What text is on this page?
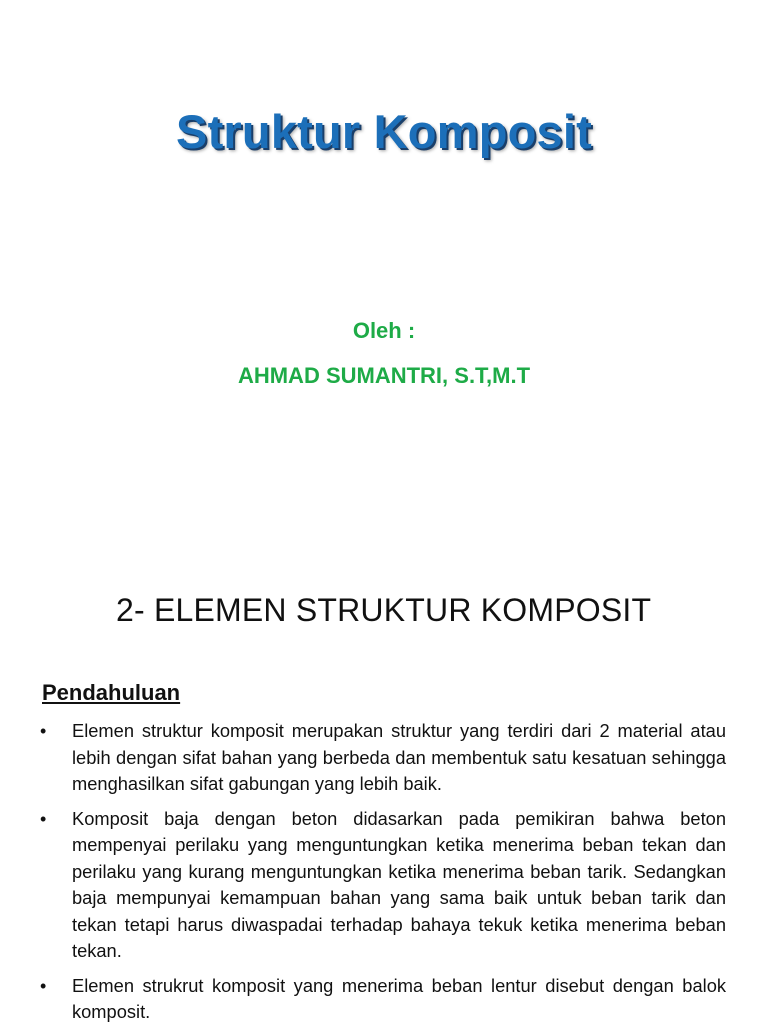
Struktur Komposit

Oleh :

AHMAD SUMANTRI, S.T,M.T

2- ELEMEN STRUKTUR KOMPOSIT
Pendahuluan
•	Elemen struktur komposit merupakan struktur yang terdiri dari 2 material atau lebih dengan sifat bahan yang berbeda dan membentuk satu kesatuan sehingga menghasilkan sifat gabungan yang lebih baik.
•	Komposit baja dengan beton didasarkan pada pemikiran bahwa beton mempenyai perilaku yang menguntungkan ketika menerima beban tekan dan perilaku yang kurang menguntungkan ketika menerima beban tarik. Sedangkan baja mempunyai kemampuan bahan yang sama baik untuk beban tarik dan tekan tetapi harus diwaspadai terhadap bahaya tekuk ketika menerima beban tekan.
•	Elemen strukrut komposit yang menerima beban lentur disebut dengan balok komposit.
